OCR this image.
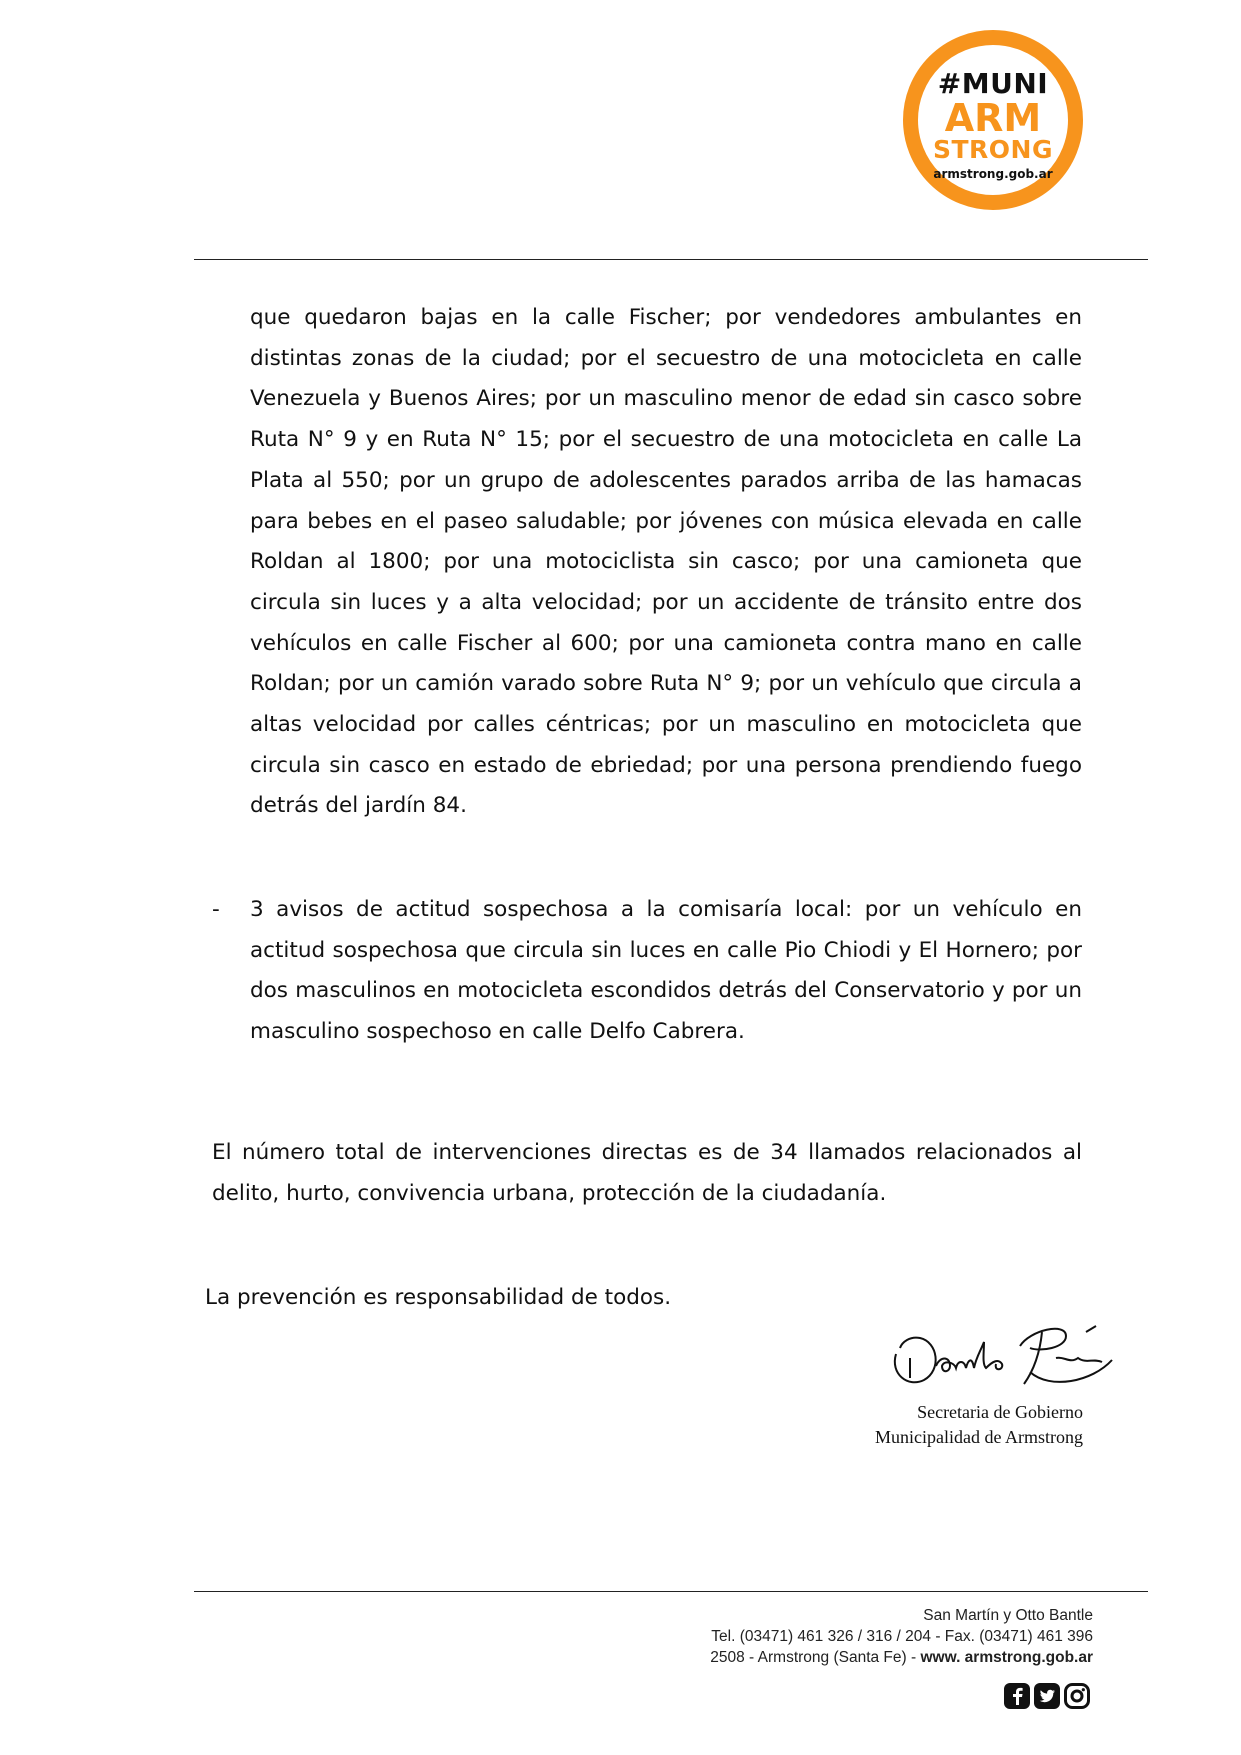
#MUNI
ARM
STRONG
armstrong.gob.ar

que quedaron bajas en la calle Fischer; por vendedores ambulantes en distintas zonas de la ciudad; por el secuestro de una motocicleta en calle Venezuela y Buenos Aires; por un masculino menor de edad sin casco sobre Ruta N° 9 y en Ruta N° 15; por el secuestro de una motocicleta en calle La Plata al 550; por un grupo de adolescentes parados arriba de las hamacas para bebes en el paseo saludable; por jóvenes con música elevada en calle Roldan al 1800; por una motociclista sin casco; por una camioneta que circula sin luces y a alta velocidad; por un accidente de tránsito entre dos vehículos en calle Fischer al 600; por una camioneta contra mano en calle Roldan; por un camión varado sobre Ruta N° 9; por un vehículo que circula a altas velocidad por calles céntricas; por un masculino en motocicleta que circula sin casco en estado de ebriedad; por una persona prendiendo fuego detrás del jardín 84.

- 3 avisos de actitud sospechosa a la comisaría local: por un vehículo en actitud sospechosa que circula sin luces en calle Pio Chiodi y El Hornero; por dos masculinos en motocicleta escondidos detrás del Conservatorio y por un masculino sospechoso en calle Delfo Cabrera.

El número total de intervenciones directas es de 34 llamados relacionados al delito, hurto, convivencia urbana, protección de la ciudadanía.

La prevención es responsabilidad de todos.

Secretaria de Gobierno
Municipalidad de Armstrong
San Martín y Otto Bantle
Tel. (03471) 461 326 / 316 / 204 - Fax. (03471) 461 396
2508 - Armstrong (Santa Fe) - www. armstrong.gob.ar
